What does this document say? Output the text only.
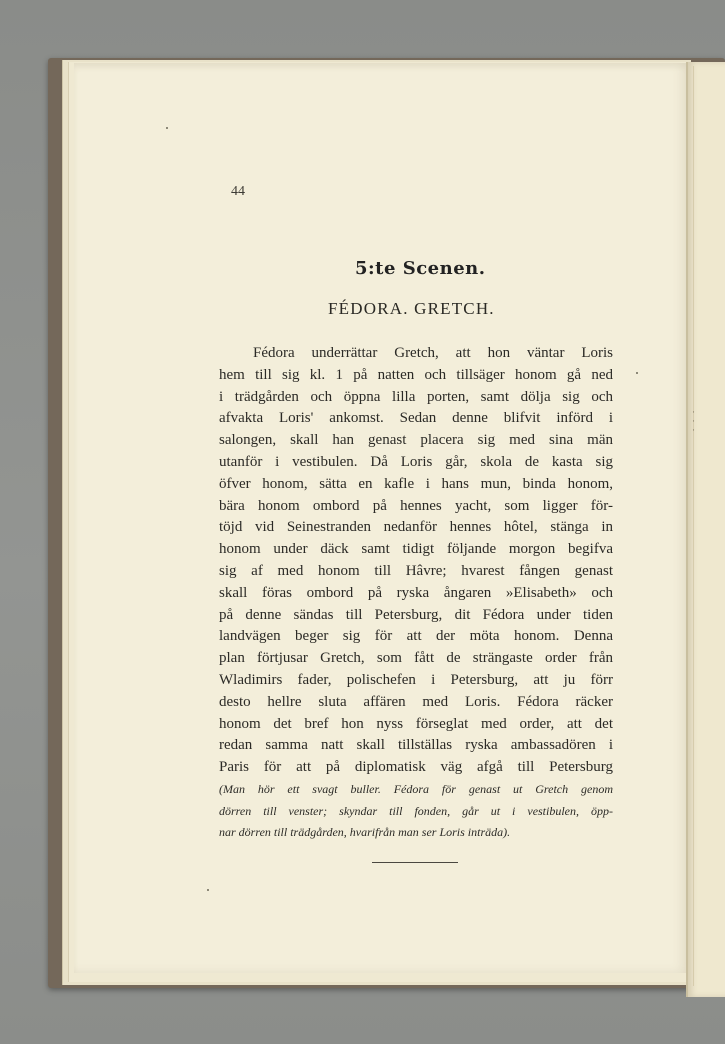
44
5:te Scenen.
FÉDORA. GRETCH.
Fédora underrättar Gretch, att hon väntar Loris
hem till sig kl. 1 på natten och tillsäger honom gå ned
i trädgården och öppna lilla porten, samt dölja sig och
afvakta Loris' ankomst. Sedan denne blifvit införd i
salongen, skall han genast placera sig med sina män
utanför i vestibulen. Då Loris går, skola de kasta sig
öfver honom, sätta en kafle i hans mun, binda honom,
bära honom ombord på hennes yacht, som ligger för-
töjd vid Seinestranden nedanför hennes hôtel, stänga in
honom under däck samt tidigt följande morgon begifva
sig af med honom till Hâvre; hvarest fången genast
skall föras ombord på ryska ångaren »Elisabeth» och
på denne sändas till Petersburg, dit Fédora under tiden
landvägen beger sig för att der möta honom. Denna
plan förtjusar Gretch, som fått de strängaste order från
Wladimirs fader, polischefen i Petersburg, att ju förr
desto hellre sluta affären med Loris. Fédora räcker
honom det bref hon nyss förseglat med order, att det
redan samma natt skall tillställas ryska ambassadören i
Paris för att på diplomatisk väg afgå till Petersburg
(Man hör ett svagt buller. Fédora för genast ut Gretch genom
dörren till venster; skyndar till fonden, går ut i vestibulen, öpp-
nar dörren till trädgården, hvarifrån man ser Loris inträda).
·
·
·
